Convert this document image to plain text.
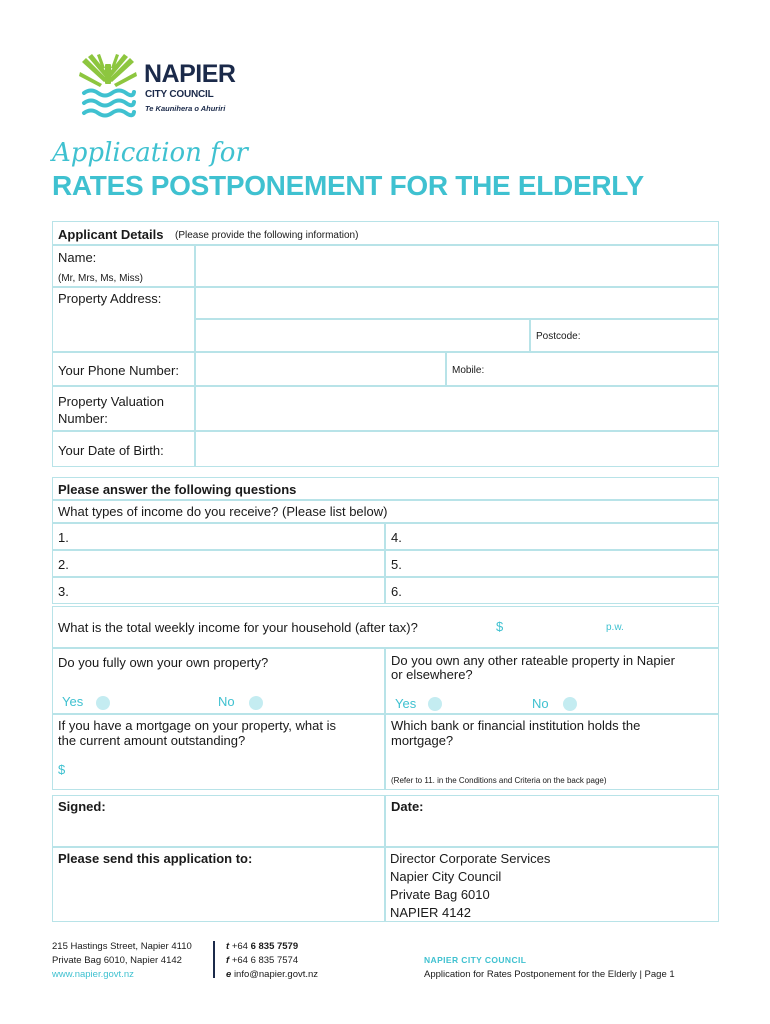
NAPIER
CITY COUNCIL
Te Kaunihera o Ahuriri
Application for
RATES POSTPONEMENT FOR THE ELDERLY
Applicant Details (Please provide the following information)
Name:
(Mr, Mrs, Ms, Miss)
Property Address:
Postcode:
Your Phone Number:	Mobile:
Property Valuation
Number:
Your Date of Birth:
Please answer the following questions
What types of income do you receive? (Please list below)
1.	4.
2.	5.
3.	6.
What is the total weekly income for your household (after tax)?	$	p.w.
Do you fully own your own property?
Yes	No
Do you own any other rateable property in Napier
or elsewhere?
Yes	No
If you have a mortgage on your property, what is
the current amount outstanding?
$
Which bank or financial institution holds the
mortgage?
(Refer to 11. in the Conditions and Criteria on the back page)
Signed:	Date:
Please send this application to:	Director Corporate Services
Napier City Council
Private Bag 6010
NAPIER 4142
215 Hastings Street, Napier 4110
Private Bag 6010, Napier 4142
www.napier.govt.nz
t +64 6 835 7579
f +64 6 835 7574
e info@napier.govt.nz
NAPIER CITY COUNCIL
Application for Rates Postponement for the Elderly | Page 1
